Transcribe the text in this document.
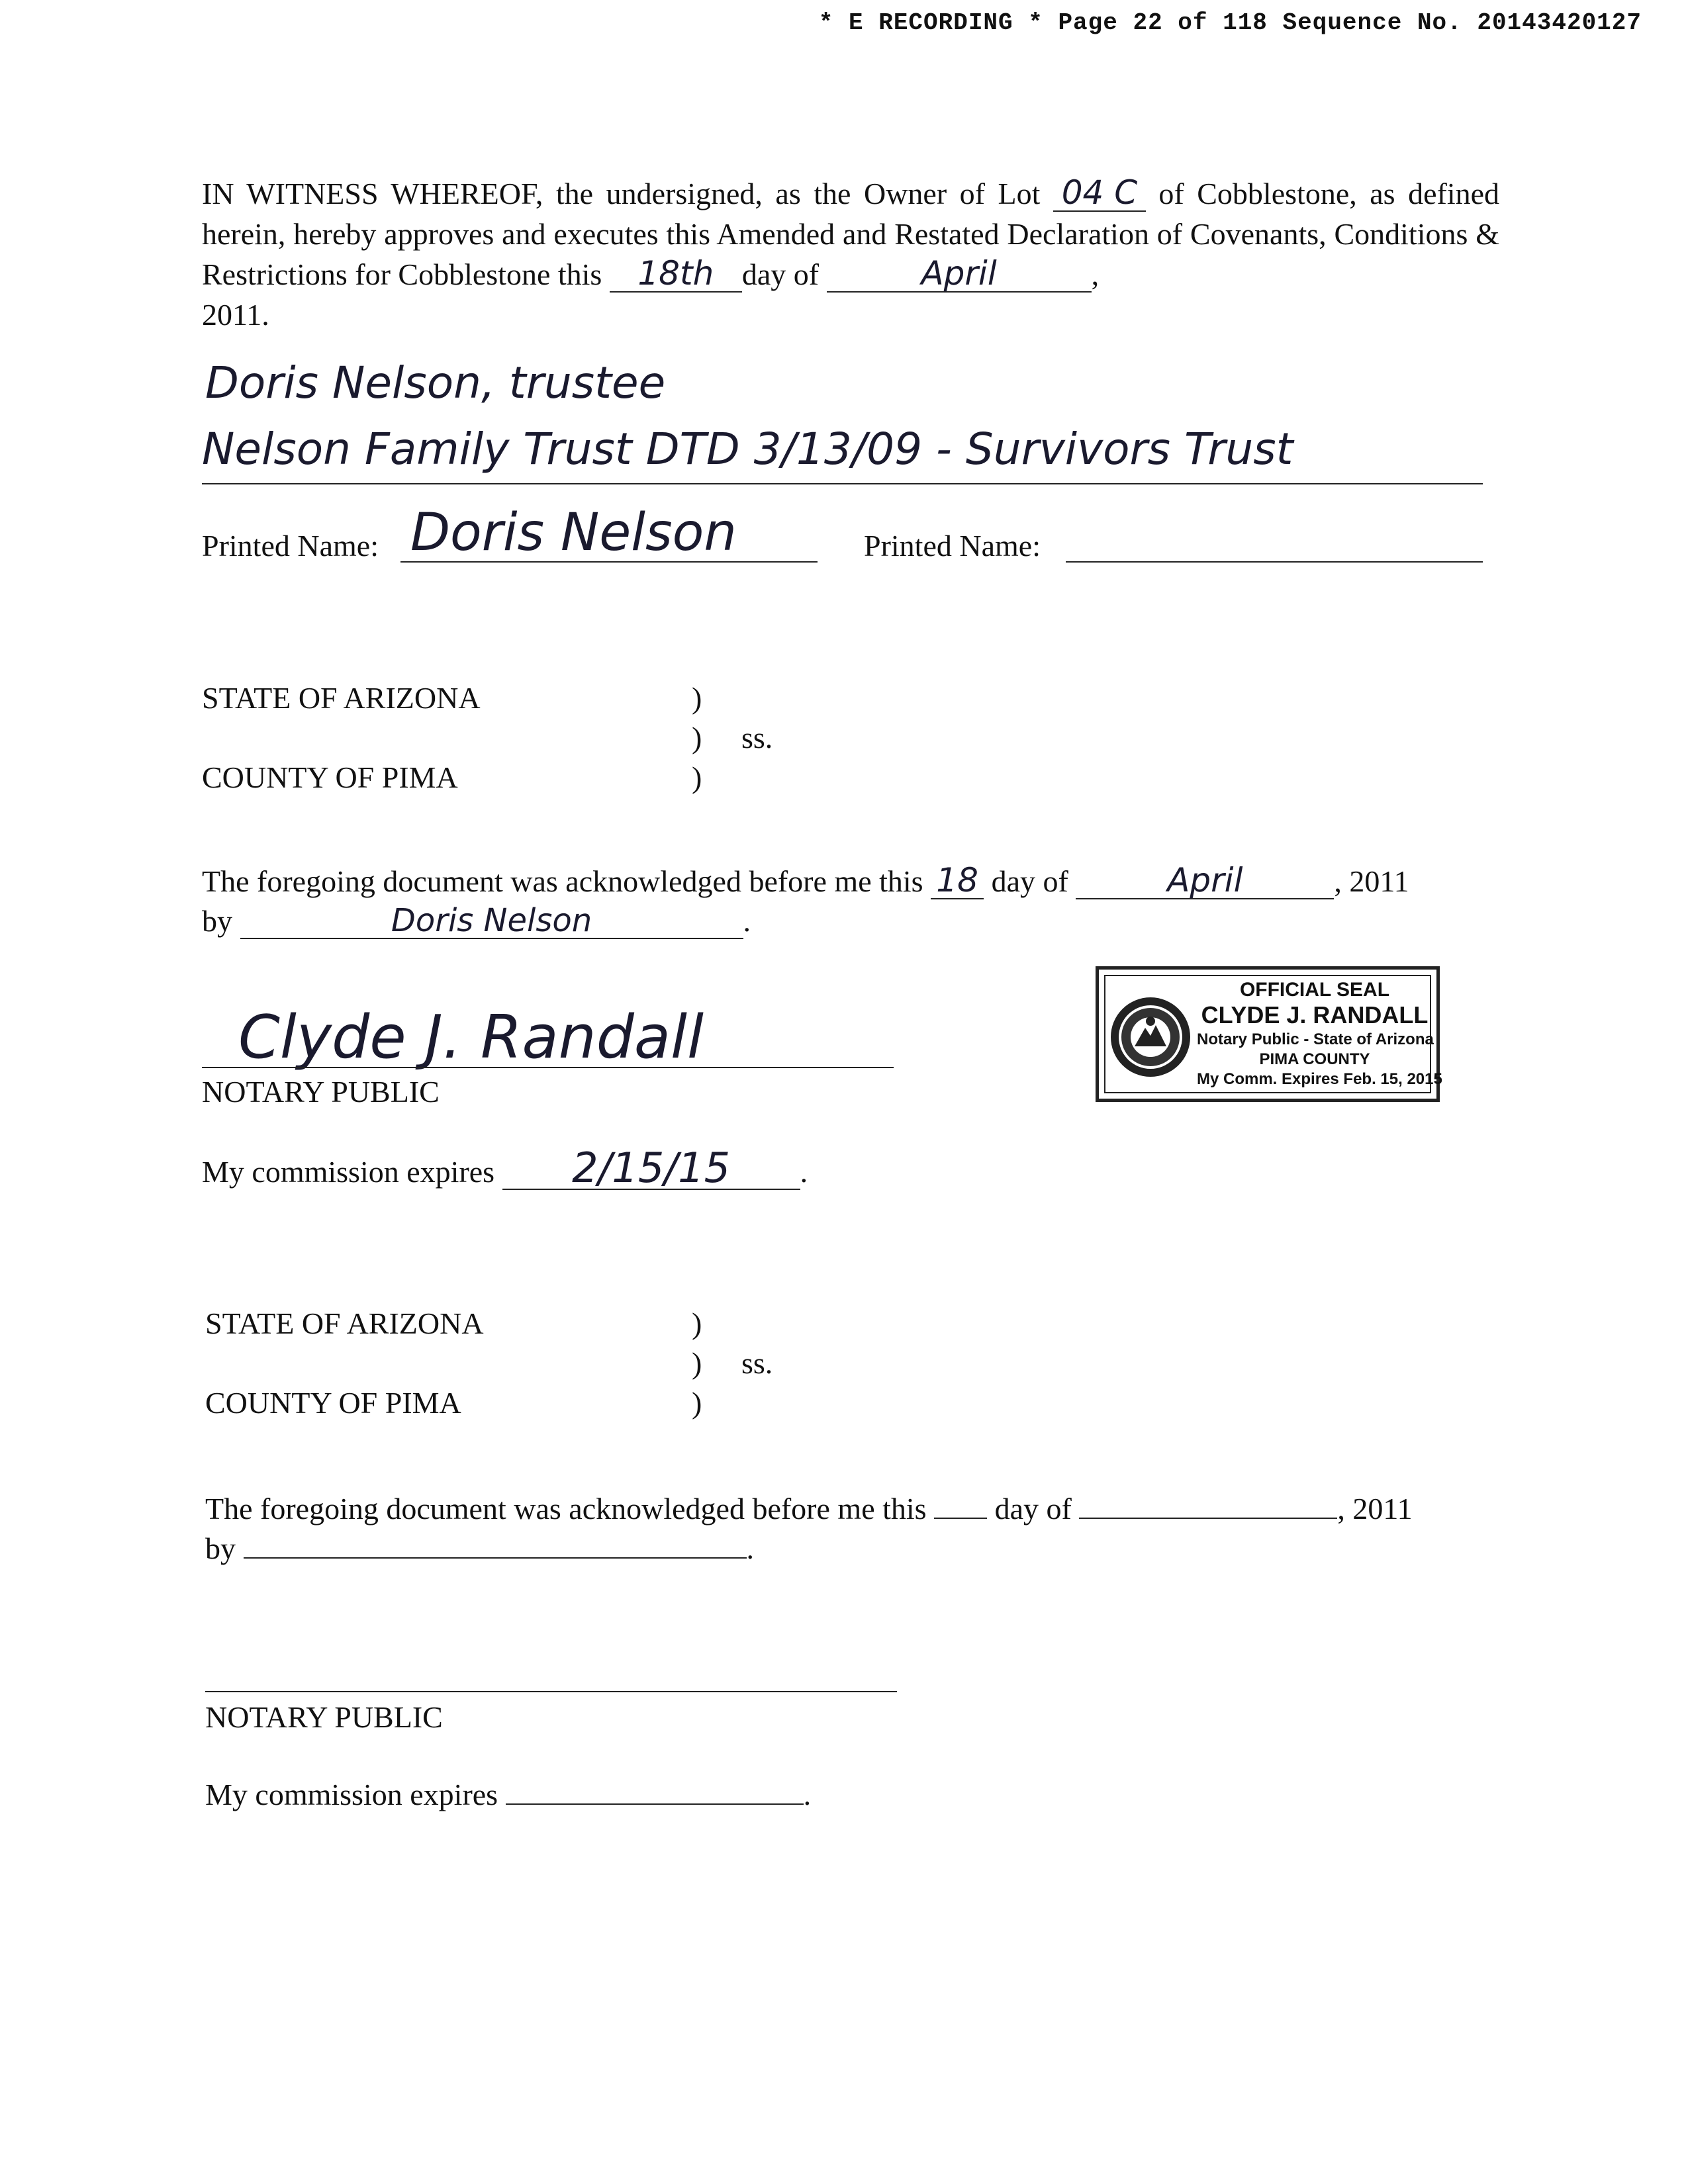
* E RECORDING * Page 22 of 118 Sequence No. 20143420127
IN WITNESS WHEREOF, the undersigned, as the Owner of Lot 04 C of Cobblestone, as defined herein, hereby approves and executes this Amended and Restated Declaration of Covenants, Conditions & Restrictions for Cobblestone this 18th day of	April	,
2011.
Doris Nelson, trustee
Nelson Family Trust DTD 3/13/09 - Survivors Trust
Printed Name: Doris Nelson	Printed Name:
STATE OF ARIZONA	)
) ss.
COUNTY OF PIMA	)
The foregoing document was acknowledged before me this 18 day of	April	, 2011
by	Doris Nelson	.
Clyde J. Randall
NOTARY PUBLIC
My commission expires 2/15/15 .
OFFICIAL SEAL
CLYDE J. RANDALL
Notary Public - State of Arizona
PIMA COUNTY
My Comm. Expires Feb. 15, 2015
STATE OF ARIZONA	)
) ss.
COUNTY OF PIMA	)
The foregoing document was acknowledged before me this day of	, 2011
by	.
NOTARY PUBLIC
My commission expires	.
